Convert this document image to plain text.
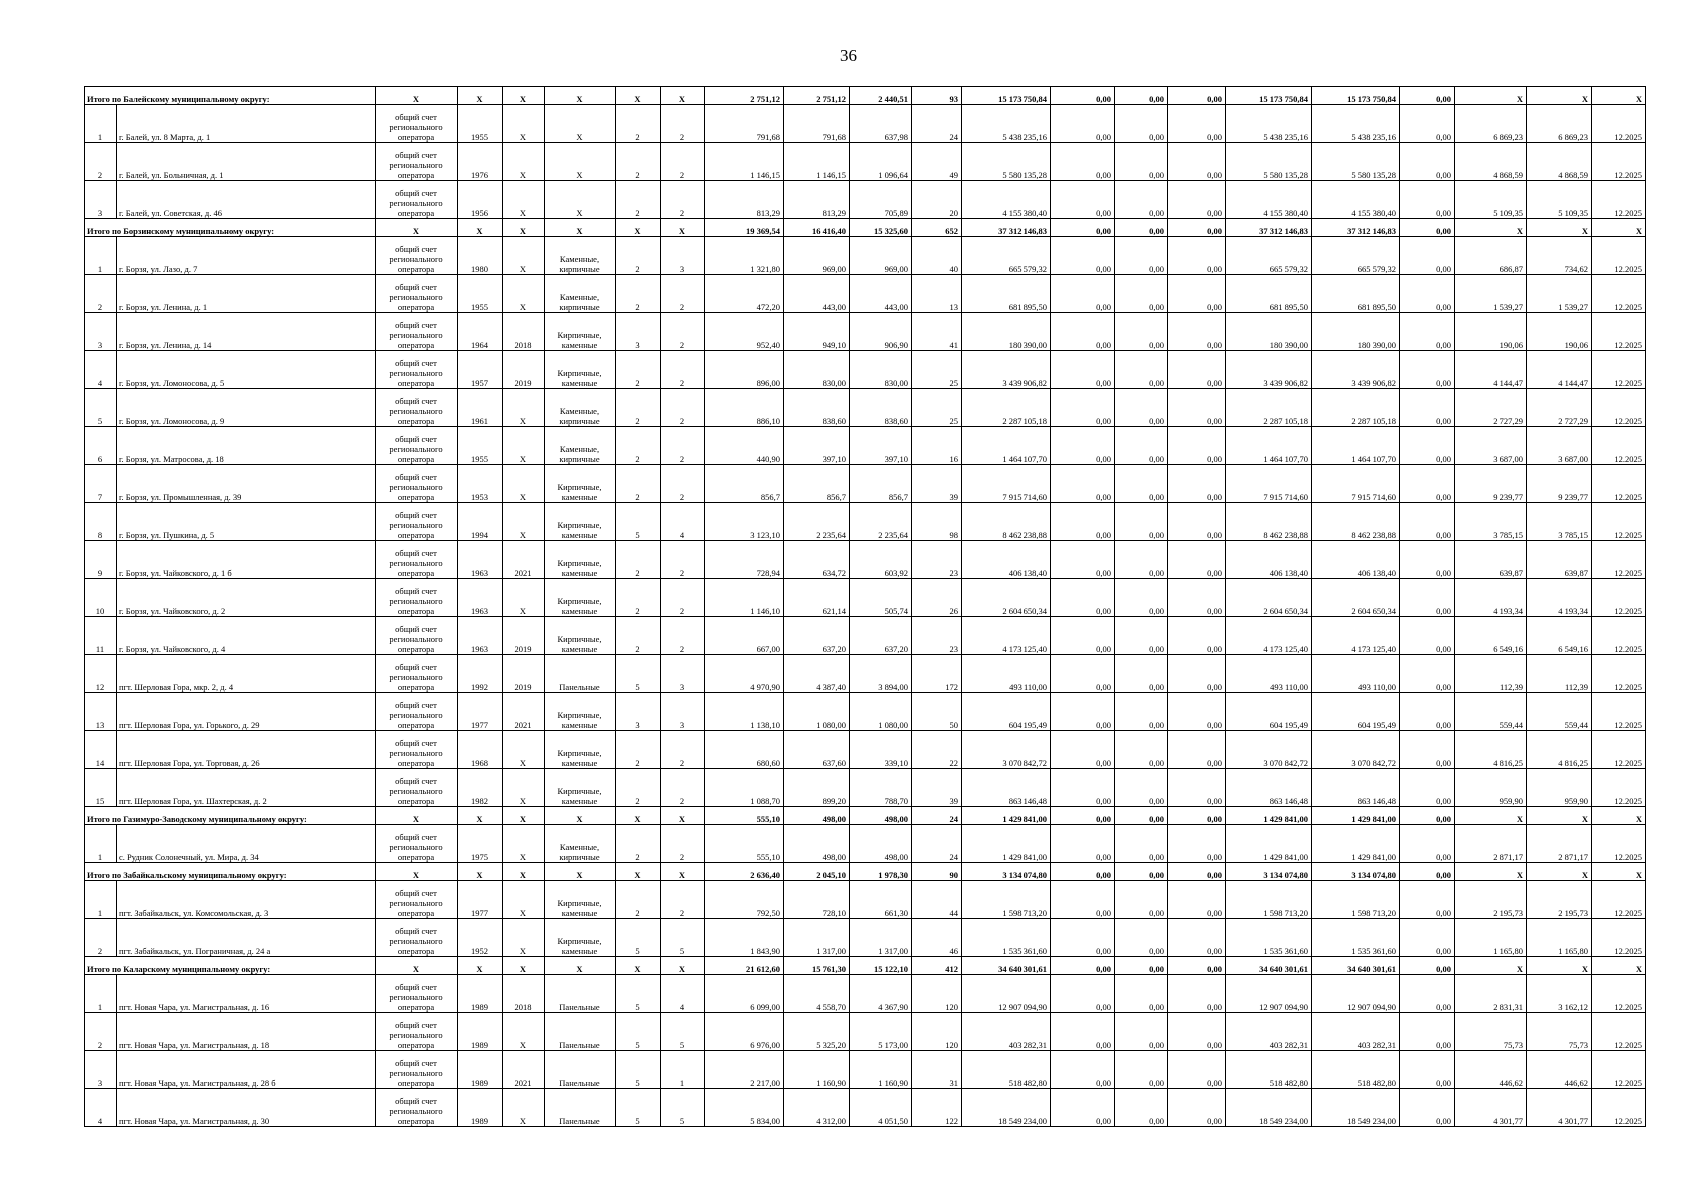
36
Итого по Балейскому муниципальному округу:		X	X	X	X	X	X	2 751,12	2 751,12	2 440,51	93	15 173 750,84	0,00	0,00	0,00	15 173 750,84	15 173 750,84	0,00	X	X	X
1	г. Балей, ул. 8 Марта, д. 1	общий счет регионального оператора	1955	X	X	2	2	791,68	791,68	637,98	24	5 438 235,16	0,00	0,00	0,00	5 438 235,16	5 438 235,16	0,00	6 869,23	6 869,23	12.2025
2	г. Балей, ул. Больничная, д. 1	общий счет регионального оператора	1976	X	X	2	2	1 146,15	1 146,15	1 096,64	49	5 580 135,28	0,00	0,00	0,00	5 580 135,28	5 580 135,28	0,00	4 868,59	4 868,59	12.2025
3	г. Балей, ул. Советская, д. 46	общий счет регионального оператора	1956	X	X	2	2	813,29	813,29	705,89	20	4 155 380,40	0,00	0,00	0,00	4 155 380,40	4 155 380,40	0,00	5 109,35	5 109,35	12.2025
Итого по Борзинскому муниципальному округу:		X	X	X	X	X	X	19 369,54	16 416,40	15 325,60	652	37 312 146,83	0,00	0,00	0,00	37 312 146,83	37 312 146,83	0,00	X	X	X
1	г. Борзя, ул. Лазо, д. 7	общий счет регионального оператора	1980	X	Каменные, кирпичные	2	3	1 321,80	969,00	969,00	40	665 579,32	0,00	0,00	0,00	665 579,32	665 579,32	0,00	686,87	734,62	12.2025
2	г. Борзя, ул. Ленина, д. 1	общий счет регионального оператора	1955	X	Каменные, кирпичные	2	2	472,20	443,00	443,00	13	681 895,50	0,00	0,00	0,00	681 895,50	681 895,50	0,00	1 539,27	1 539,27	12.2025
3	г. Борзя, ул. Ленина, д. 14	общий счет регионального оператора	1964	2018	Кирпичные, каменные	3	2	952,40	949,10	906,90	41	180 390,00	0,00	0,00	0,00	180 390,00	180 390,00	0,00	190,06	190,06	12.2025
4	г. Борзя, ул. Ломоносова, д. 5	общий счет регионального оператора	1957	2019	Кирпичные, каменные	2	2	896,00	830,00	830,00	25	3 439 906,82	0,00	0,00	0,00	3 439 906,82	3 439 906,82	0,00	4 144,47	4 144,47	12.2025
5	г. Борзя, ул. Ломоносова, д. 9	общий счет регионального оператора	1961	X	Каменные, кирпичные	2	2	886,10	838,60	838,60	25	2 287 105,18	0,00	0,00	0,00	2 287 105,18	2 287 105,18	0,00	2 727,29	2 727,29	12.2025
6	г. Борзя, ул. Матросова, д. 18	общий счет регионального оператора	1955	X	Каменные, кирпичные	2	2	440,90	397,10	397,10	16	1 464 107,70	0,00	0,00	0,00	1 464 107,70	1 464 107,70	0,00	3 687,00	3 687,00	12.2025
7	г. Борзя, ул. Промышленная, д. 39	общий счет регионального оператора	1953	X	Кирпичные, каменные	2	2	856,7	856,7	856,7	39	7 915 714,60	0,00	0,00	0,00	7 915 714,60	7 915 714,60	0,00	9 239,77	9 239,77	12.2025
8	г. Борзя, ул. Пушкина, д. 5	общий счет регионального оператора	1994	X	Кирпичные, каменные	5	4	3 123,10	2 235,64	2 235,64	98	8 462 238,88	0,00	0,00	0,00	8 462 238,88	8 462 238,88	0,00	3 785,15	3 785,15	12.2025
9	г. Борзя, ул. Чайковского, д. 1 б	общий счет регионального оператора	1963	2021	Кирпичные, каменные	2	2	728,94	634,72	603,92	23	406 138,40	0,00	0,00	0,00	406 138,40	406 138,40	0,00	639,87	639,87	12.2025
10	г. Борзя, ул. Чайковского, д. 2	общий счет регионального оператора	1963	X	Кирпичные, каменные	2	2	1 146,10	621,14	505,74	26	2 604 650,34	0,00	0,00	0,00	2 604 650,34	2 604 650,34	0,00	4 193,34	4 193,34	12.2025
11	г. Борзя, ул. Чайковского, д. 4	общий счет регионального оператора	1963	2019	Кирпичные, каменные	2	2	667,00	637,20	637,20	23	4 173 125,40	0,00	0,00	0,00	4 173 125,40	4 173 125,40	0,00	6 549,16	6 549,16	12.2025
12	пгт. Шерловая Гора, мкр. 2, д. 4	общий счет регионального оператора	1992	2019	Панельные	5	3	4 970,90	4 387,40	3 894,00	172	493 110,00	0,00	0,00	0,00	493 110,00	493 110,00	0,00	112,39	112,39	12.2025
13	пгт. Шерловая Гора, ул. Горького, д. 29	общий счет регионального оператора	1977	2021	Кирпичные, каменные	3	3	1 138,10	1 080,00	1 080,00	50	604 195,49	0,00	0,00	0,00	604 195,49	604 195,49	0,00	559,44	559,44	12.2025
14	пгт. Шерловая Гора, ул. Торговая, д. 26	общий счет регионального оператора	1968	X	Кирпичные, каменные	2	2	680,60	637,60	339,10	22	3 070 842,72	0,00	0,00	0,00	3 070 842,72	3 070 842,72	0,00	4 816,25	4 816,25	12.2025
15	пгт. Шерловая Гора, ул. Шахтерская, д. 2	общий счет регионального оператора	1982	X	Кирпичные, каменные	2	2	1 088,70	899,20	788,70	39	863 146,48	0,00	0,00	0,00	863 146,48	863 146,48	0,00	959,90	959,90	12.2025
Итого по Газимуро-Заводскому муниципальному округу:		X	X	X	X	X	X	555,10	498,00	498,00	24	1 429 841,00	0,00	0,00	0,00	1 429 841,00	1 429 841,00	0,00	X	X	X
1	с. Рудник Солонечный, ул. Мира, д. 34	общий счет регионального оператора	1975	X	Каменные, кирпичные	2	2	555,10	498,00	498,00	24	1 429 841,00	0,00	0,00	0,00	1 429 841,00	1 429 841,00	0,00	2 871,17	2 871,17	12.2025
Итого по Забайкальскому муниципальному округу:		X	X	X	X	X	X	2 636,40	2 045,10	1 978,30	90	3 134 074,80	0,00	0,00	0,00	3 134 074,80	3 134 074,80	0,00	X	X	X
1	пгт. Забайкальск, ул. Комсомольская, д. 3	общий счет регионального оператора	1977	X	Кирпичные, каменные	2	2	792,50	728,10	661,30	44	1 598 713,20	0,00	0,00	0,00	1 598 713,20	1 598 713,20	0,00	2 195,73	2 195,73	12.2025
2	пгт. Забайкальск, ул. Пограничная, д. 24 а	общий счет регионального оператора	1952	X	Кирпичные, каменные	5	5	1 843,90	1 317,00	1 317,00	46	1 535 361,60	0,00	0,00	0,00	1 535 361,60	1 535 361,60	0,00	1 165,80	1 165,80	12.2025
Итого по Каларскому муниципальному округу:		X	X	X	X	X	X	21 612,60	15 761,30	15 122,10	412	34 640 301,61	0,00	0,00	0,00	34 640 301,61	34 640 301,61	0,00	X	X	X
1	пгт. Новая Чара, ул. Магистральная, д. 16	общий счет регионального оператора	1989	2018	Панельные	5	4	6 099,00	4 558,70	4 367,90	120	12 907 094,90	0,00	0,00	0,00	12 907 094,90	12 907 094,90	0,00	2 831,31	3 162,12	12.2025
2	пгт. Новая Чара, ул. Магистральная, д. 18	общий счет регионального оператора	1989	X	Панельные	5	5	6 976,00	5 325,20	5 173,00	120	403 282,31	0,00	0,00	0,00	403 282,31	403 282,31	0,00	75,73	75,73	12.2025
3	пгт. Новая Чара, ул. Магистральная, д. 28 б	общий счет регионального оператора	1989	2021	Панельные	5	1	2 217,00	1 160,90	1 160,90	31	518 482,80	0,00	0,00	0,00	518 482,80	518 482,80	0,00	446,62	446,62	12.2025
4	пгт. Новая Чара, ул. Магистральная, д. 30	общий счет регионального оператора	1989	X	Панельные	5	5	5 834,00	4 312,00	4 051,50	122	18 549 234,00	0,00	0,00	0,00	18 549 234,00	18 549 234,00	0,00	4 301,77	4 301,77	12.2025
